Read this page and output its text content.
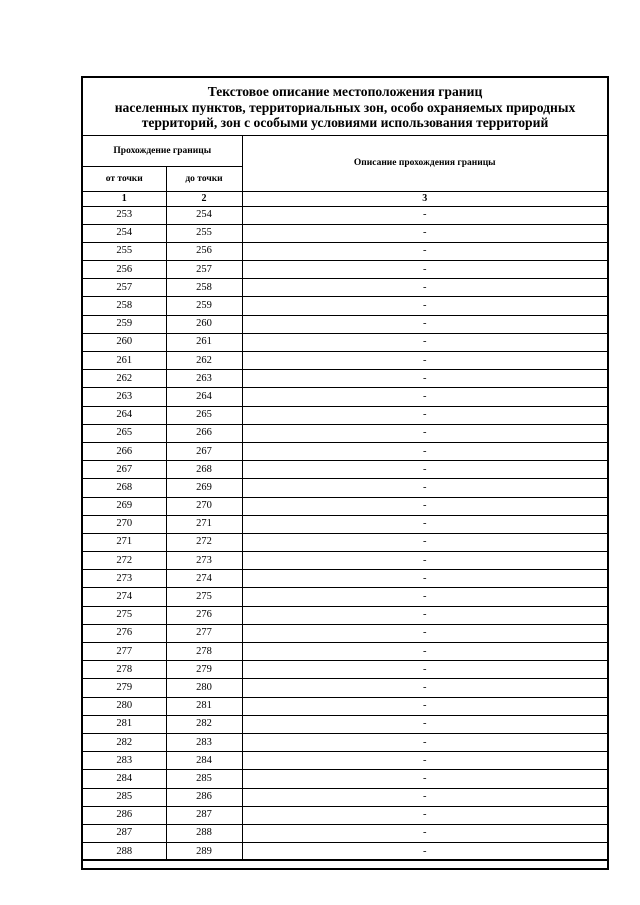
Текстовое описание местоположения границ
населенных пунктов, территориальных зон, особо охраняемых природных
территорий, зон с особыми условиями использования территорий
Прохождение границы		Описание прохождения границы
от точки	до точки	
1	2	3
253	254	-
254	255	-
255	256	-
256	257	-
257	258	-
258	259	-
259	260	-
260	261	-
261	262	-
262	263	-
263	264	-
264	265	-
265	266	-
266	267	-
267	268	-
268	269	-
269	270	-
270	271	-
271	272	-
272	273	-
273	274	-
274	275	-
275	276	-
276	277	-
277	278	-
278	279	-
279	280	-
280	281	-
281	282	-
282	283	-
283	284	-
284	285	-
285	286	-
286	287	-
287	288	-
288	289	-
